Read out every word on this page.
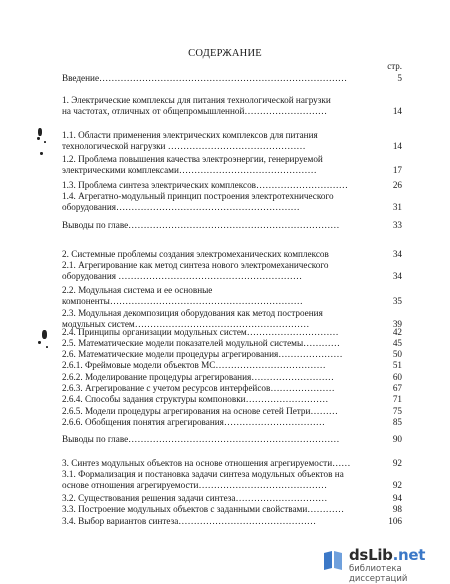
СОДЕРЖАНИЕ
стр.
Введение………………………………………………………………………	5
1. Электрические комплексы для питания технологической нагрузки
на частотах, отличных от общепромышленной………………………	14
1.1. Области применения электрических комплексов для питания
технологической нагрузки ………………………………………	14
1.2. Проблема повышения качества электроэнергии, генерируемой
электрическими комплексами………………………………………	17
1.3. Проблема синтеза электрических комплексов…………………………	26
1.4. Агрегатно-модульный принцип построения электротехнического
оборудования……………………………………………………	31
Выводы по главе……………………………………………………………	33
2. Системные проблемы создания электромеханических комплексов	34
2.1. Агрегирование как метод синтеза нового электромеханического
оборудования ……………………………………………………	34
2.2. Модульная система и ее основные
компоненты………………………………………………………	35
2.3. Модульная декомпозиция оборудования как метод построения
модульных систем…………………………………………………	39
2.4. Принципы организации модульных систем…………………………	42
2.5. Математические модели показателей модульной системы…………	45
2.6. Математические модели процедуры агрегирования…………………	50
2.6.1. Фреймовые модели объектов МС………………………………	51
2.6.2. Моделирование процедуры агрегирования………………………	60
2.6.3. Агрегирование с учетом ресурсов интерфейсов…………………	67
2.6.4. Способы задания структуры компоновки………………………	71
2.6.5. Модели процедуры агрегирования на основе сетей Петри………	75
2.6.6. Обобщения понятия агрегирования……………………………	85
Выводы по главе……………………………………………………………	90
3. Синтез модульных объектов на основе отношения агрегируемости……	92
3.1. Формализация и постановка задачи синтеза модульных объектов на
основе отношения агрегируемости……………………………………	92
3.2. Существования решения задачи синтеза…………………………	94
3.3. Построение модульных объектов с заданными свойствами…………	98
3.4. Выбор вариантов синтеза………………………………………	106
dsLib.net
библиотека диссертаций
